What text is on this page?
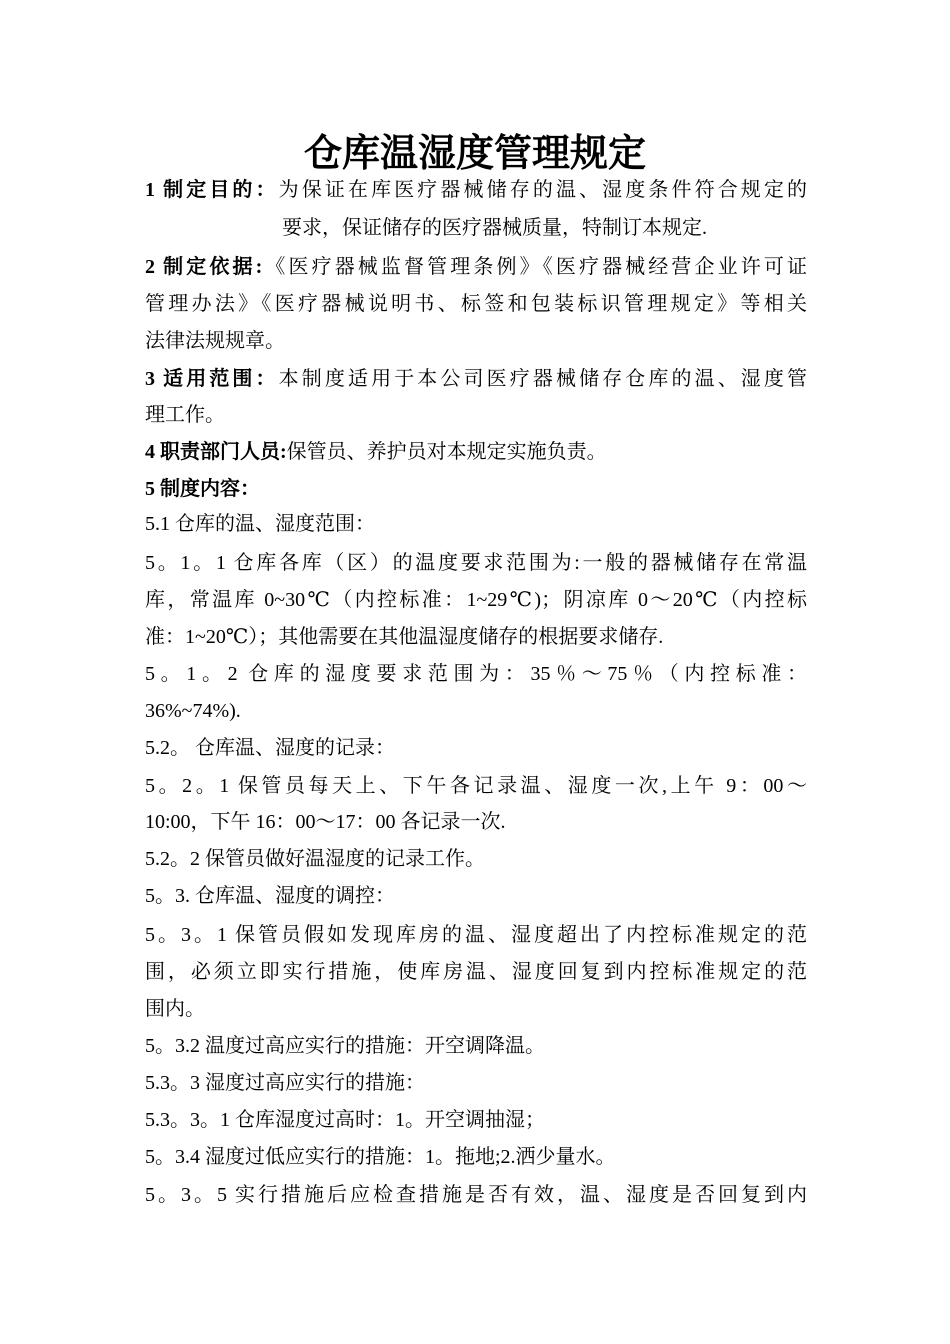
仓库温湿度管理规定
1 制定目的：为保证在库医疗器械储存的温、湿度条件符合规定的
要求，保证储存的医疗器械质量，特制订本规定.
2 制定依据:《医疗器械监督管理条例》《医疗器械经营企业许可证
管理办法》《医疗器械说明书、标签和包装标识管理规定》等相关
法律法规规章。
3 适用范围：本制度适用于本公司医疗器械储存仓库的温、湿度管
理工作。
4 职责部门人员:保管员、养护员对本规定实施负责。
5 制度内容：
5.1 仓库的温、湿度范围：
5。1。1 仓库各库（区）的温度要求范围为:一般的器械储存在常温
库，常温库 0~30℃（内控标准：1~29℃)；阴凉库 0～20℃（内控标
准：1~20℃）；其他需要在其他温湿度储存的根据要求储存.
5。1。2 仓库的湿度要求范围为：35％～75％（内控标准：
36%~74%).
5.2。 仓库温、湿度的记录：
5。2。1 保管员每天上、下午各记录温、湿度一次,上午 9：00～
10:00，下午 16：00～17：00 各记录一次.
5.2。2 保管员做好温湿度的记录工作。
5。3. 仓库温、湿度的调控：
5。3。1 保管员假如发现库房的温、湿度超出了内控标准规定的范
围，必须立即实行措施，使库房温、湿度回复到内控标准规定的范
围内。
5。3.2 温度过高应实行的措施：开空调降温。
5.3。3 湿度过高应实行的措施：
5.3。3。1 仓库湿度过高时：1。开空调抽湿；
5。3.4 湿度过低应实行的措施：1。拖地;2.洒少量水。
5。3。5 实行措施后应检查措施是否有效，温、湿度是否回复到内
